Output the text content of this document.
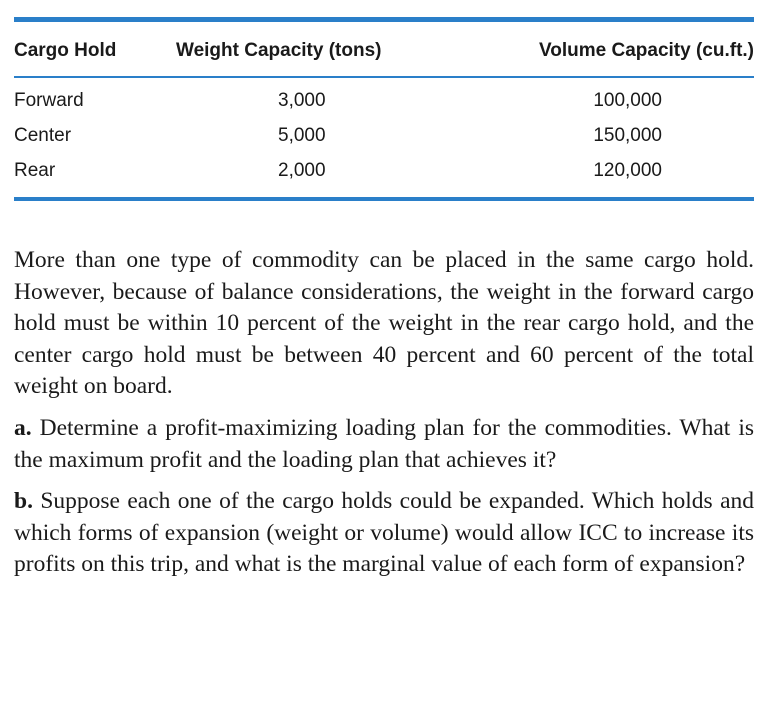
Cargo Hold	Weight Capacity (tons)	Volume Capacity (cu.ft.)
Forward	3,000	100,000
Center	5,000	150,000
Rear	2,000	120,000

More than one type of commodity can be placed in the same cargo hold. However, because of balance considerations, the weight in the forward cargo hold must be within 10 percent of the weight in the rear cargo hold, and the center cargo hold must be between 40 percent and 60 percent of the total weight on board.

a. Determine a profit-maximizing loading plan for the commodities. What is the maximum profit and the loading plan that achieves it?

b. Suppose each one of the cargo holds could be expanded. Which holds and which forms of expansion (weight or volume) would allow ICC to increase its profits on this trip, and what is the marginal value of each form of expansion?
